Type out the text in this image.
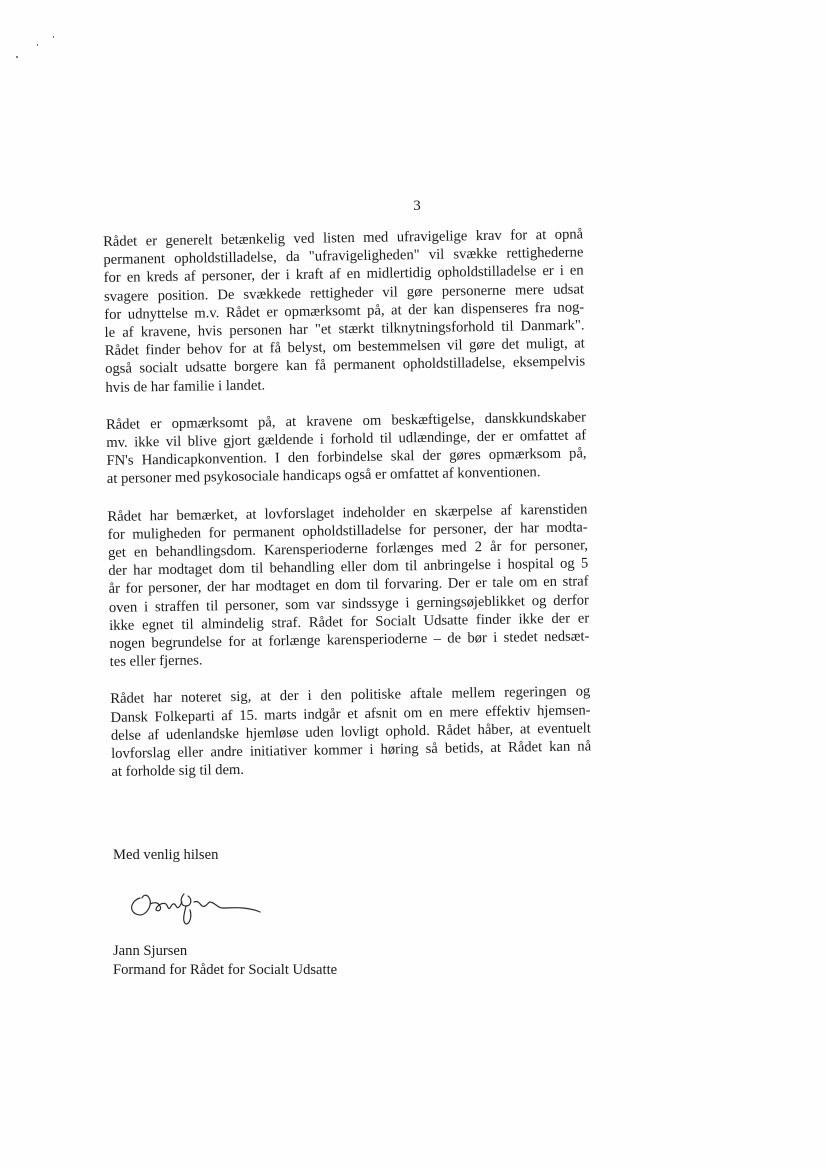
3

Rådet er generelt betænkelig ved listen med ufravigelige krav for at opnå
permanent opholdstilladelse, da "ufravigeligheden" vil svække rettighederne
for en kreds af personer, der i kraft af en midlertidig opholdstilladelse er i en
svagere position. De svækkede rettigheder vil gøre personerne mere udsat
for udnyttelse m.v. Rådet er opmærksomt på, at der kan dispenseres fra nog-
le af kravene, hvis personen har "et stærkt tilknytningsforhold til Danmark".
Rådet finder behov for at få belyst, om bestemmelsen vil gøre det muligt, at
også socialt udsatte borgere kan få permanent opholdstilladelse, eksempelvis
hvis de har familie i landet.

Rådet er opmærksomt på, at kravene om beskæftigelse, danskkundskaber
mv. ikke vil blive gjort gældende i forhold til udlændinge, der er omfattet af
FN's Handicapkonvention. I den forbindelse skal der gøres opmærksom på,
at personer med psykosociale handicaps også er omfattet af konventionen.

Rådet har bemærket, at lovforslaget indeholder en skærpelse af karenstiden
for muligheden for permanent opholdstilladelse for personer, der har modta-
get en behandlingsdom. Karensperioderne forlænges med 2 år for personer,
der har modtaget dom til behandling eller dom til anbringelse i hospital og 5
år for personer, der har modtaget en dom til forvaring. Der er tale om en straf
oven i straffen til personer, som var sindssyge i gerningsøjeblikket og derfor
ikke egnet til almindelig straf. Rådet for Socialt Udsatte finder ikke der er
nogen begrundelse for at forlænge karensperioderne – de bør i stedet nedsæt-
tes eller fjernes.

Rådet har noteret sig, at der i den politiske aftale mellem regeringen og
Dansk Folkeparti af 15. marts indgår et afsnit om en mere effektiv hjemsen-
delse af udenlandske hjemløse uden lovligt ophold. Rådet håber, at eventuelt
lovforslag eller andre initiativer kommer i høring så betids, at Rådet kan nå
at forholde sig til dem.

Med venlig hilsen
Jann Sjursen
Formand for Rådet for Socialt Udsatte
